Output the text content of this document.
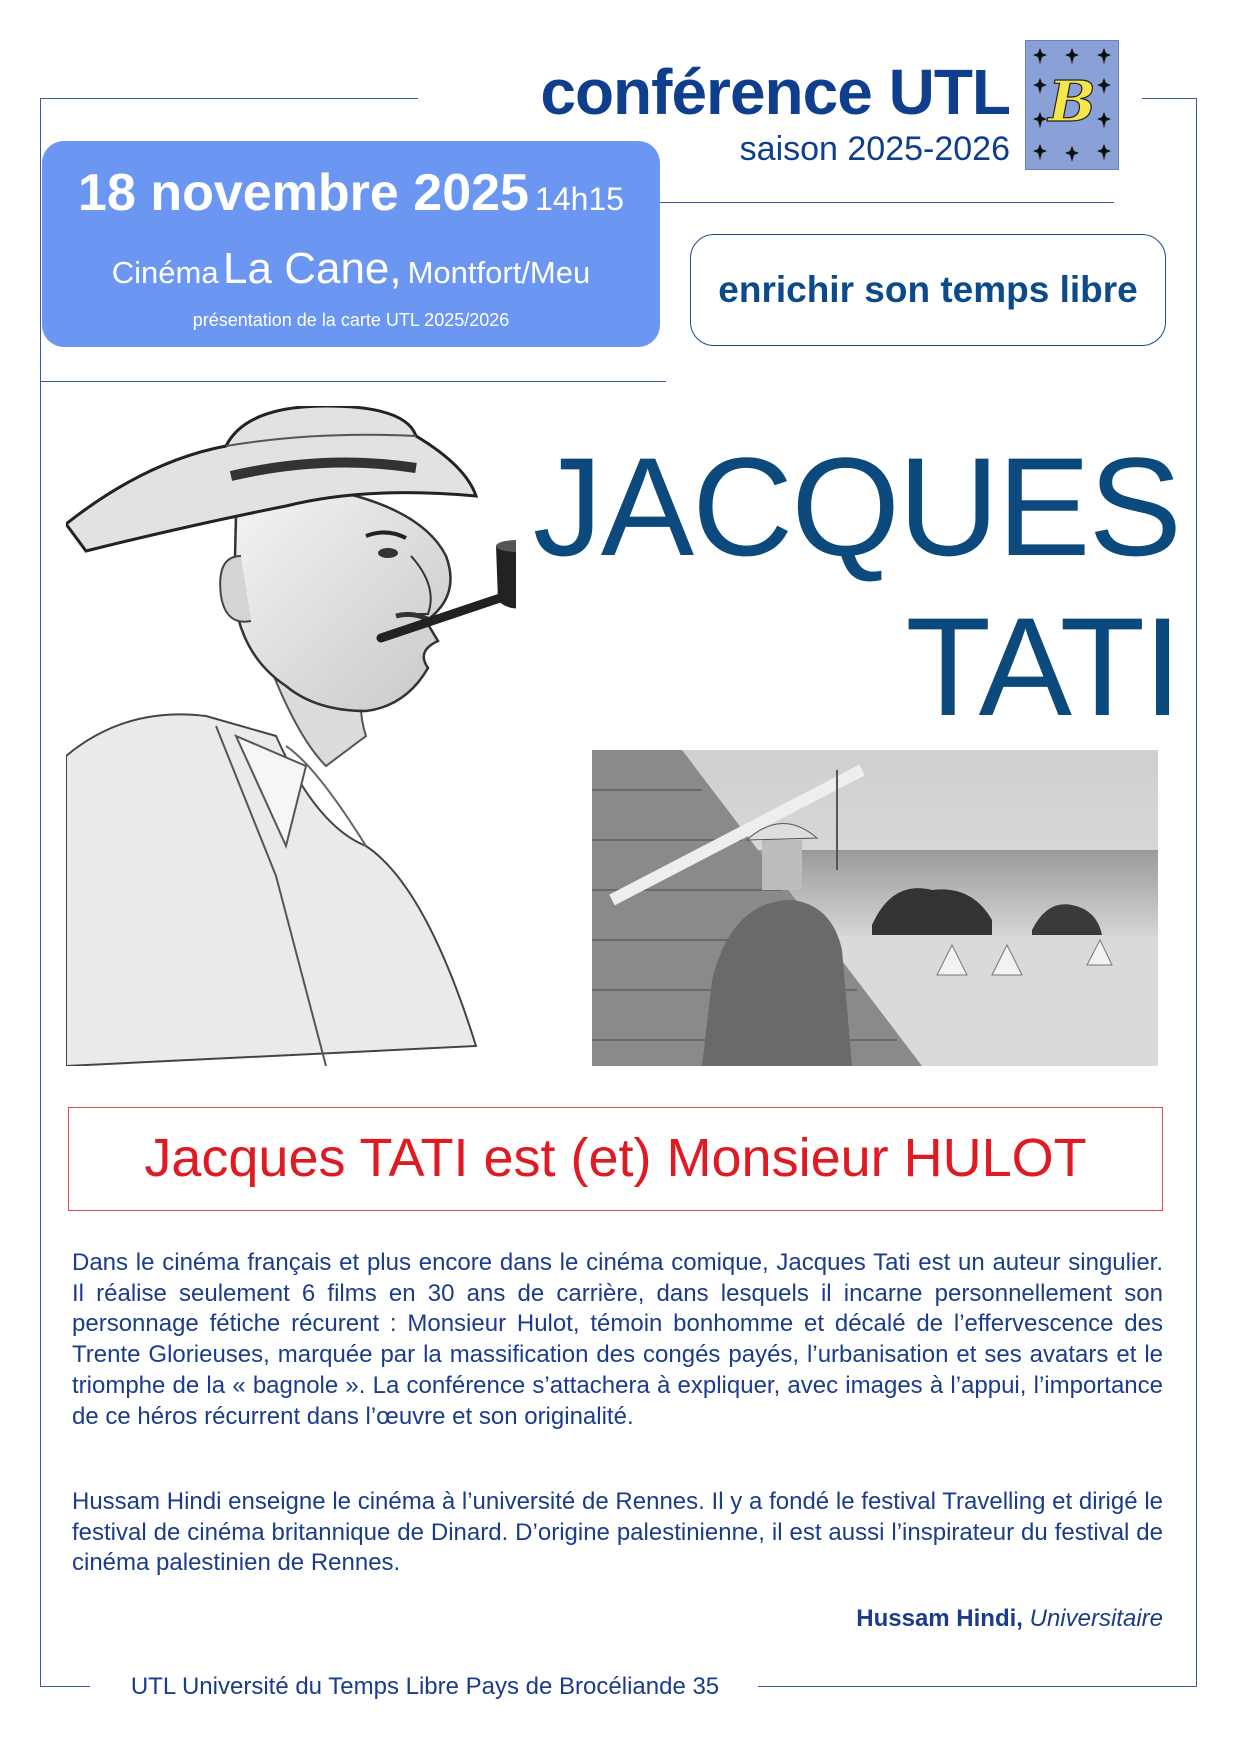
conférence UTL
saison 2025-2026
B
18 novembre 2025 14h15
Cinéma La Cane, Montfort/Meu
présentation de la carte UTL 2025/2026
enrichir son temps libre
JACQUES
TATI
Jacques TATI est (et) Monsieur HULOT
Dans le cinéma français et plus encore dans le cinéma comique, Jacques Tati est un auteur singulier. Il réalise seulement 6 films en 30 ans de carrière, dans lesquels il incarne personnellement son personnage fétiche récurent : Monsieur Hulot, témoin bonhomme et décalé de l’effervescence des Trente Glorieuses, marquée par la massification des congés payés, l’urbanisation et ses avatars et le triomphe de la « bagnole ». La conférence s’attachera à expliquer, avec images à l’appui, l’importance de ce héros récurrent dans l’œuvre et son originalité.
Hussam Hindi enseigne le cinéma à l’université de Rennes. Il y a fondé le festival Travelling et dirigé le festival de cinéma britannique de Dinard. D’origine palestinienne, il est aussi l’inspirateur du festival de cinéma palestinien de Rennes.
Hussam Hindi, Universitaire
UTL Université du Temps Libre Pays de Brocéliande 35
